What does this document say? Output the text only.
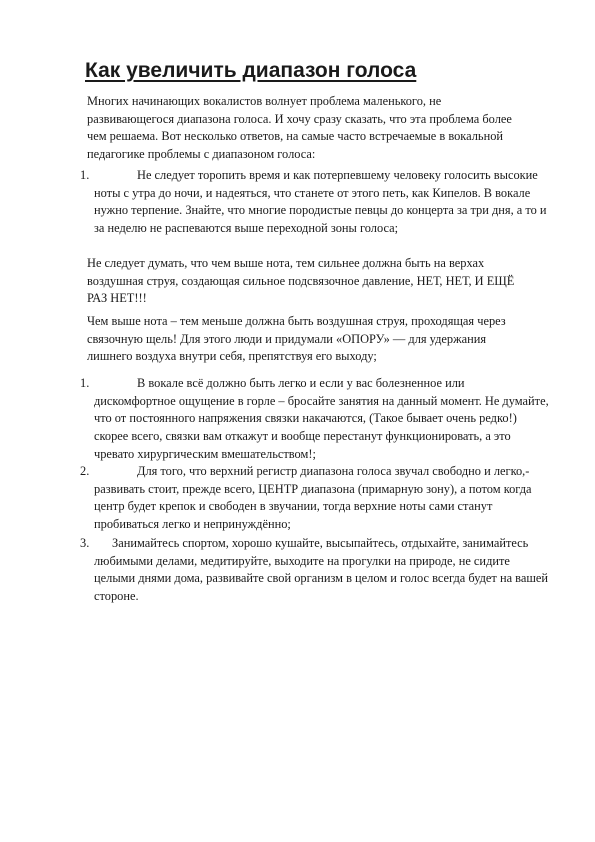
Как увеличить диапазон голоса

Многих начинающих вокалистов волнует проблема маленького, не развивающегося диапазона голоса. И хочу сразу сказать, что эта проблема более чем решаема. Вот несколько ответов, на самые часто встречаемые в вокальной педагогике проблемы с диапазоном голоса:

1.	Не следует торопить время и как потерпевшему человеку голосить высокие ноты с утра до ночи, и надеяться, что станете от этого петь, как Кипелов. В вокале нужно терпение. Знайте, что многие породистые певцы до концерта за три дня, а то и за неделю не распеваются выше переходной зоны голоса;

Не следует думать, что чем выше нота, тем сильнее должна быть на верхах воздушная струя, создающая сильное подсвязочное давление, НЕТ, НЕТ, И ЕЩЁ РАЗ НЕТ!!!

Чем выше нота – тем меньше должна быть воздушная струя, проходящая через связочную щель! Для этого люди и придумали «ОПОРУ» — для удержания лишнего воздуха внутри себя, препятствуя его выходу;

1.	В вокале всё должно быть легко и если у вас болезненное или дискомфортное ощущение в горле – бросайте занятия на данный момент. Не думайте, что от постоянного напряжения связки накачаются, (Такое бывает очень редко!) скорее всего, связки вам откажут и вообще перестанут функционировать, а это чревато хирургическим вмешательством!;

2.	Для того, что верхний регистр диапазона голоса звучал свободно и легко,- развивать стоит, прежде всего, ЦЕНТР диапазона (примарную зону), а потом когда центр будет крепок и свободен в звучании, тогда верхние ноты сами станут пробиваться легко и непринуждённо;

3.	Занимайтесь спортом, хорошо кушайте, высыпайтесь, отдыхайте, занимайтесь любимыми делами, медитируйте, выходите на прогулки на природе, не сидите целыми днями дома, развивайте свой организм в целом и голос всегда будет на вашей стороне.
